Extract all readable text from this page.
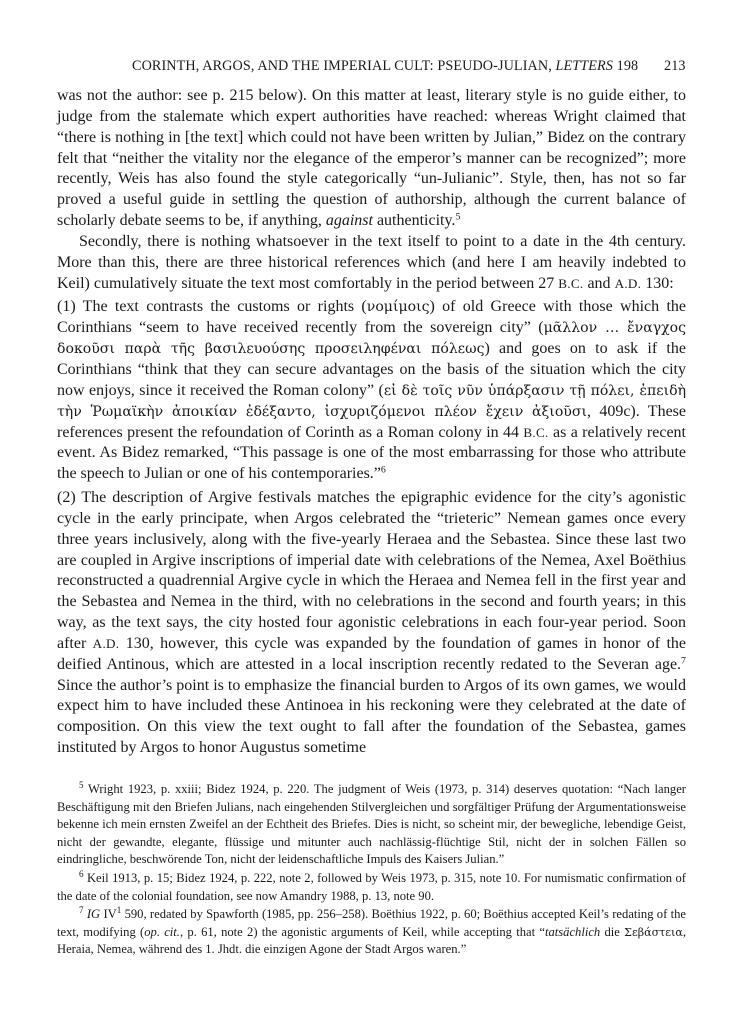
CORINTH, ARGOS, AND THE IMPERIAL CULT: PSEUDO-JULIAN, LETTERS 198 213

was not the author: see p. 215 below). On this matter at least, literary style is no guide either, to judge from the stalemate which expert authorities have reached: whereas Wright claimed that “there is nothing in [the text] which could not have been written by Julian,” Bidez on the contrary felt that “neither the vitality nor the elegance of the emperor’s manner can be recognized”; more recently, Weis has also found the style categorically “un-Julianic”. Style, then, has not so far proved a useful guide in settling the question of authorship, although the current balance of scholarly debate seems to be, if anything, against authenticity.$^5$

Secondly, there is nothing whatsoever in the text itself to point to a date in the 4th century. More than this, there are three historical references which (and here I am heavily indebted to Keil) cumulatively situate the text most comfortably in the period between 27 B.C. and A.D. 130:

(1) The text contrasts the customs or rights (νομίμοις) of old Greece with those which the Corinthians “seem to have received recently from the sovereign city” (μᾶλλον … ἔναγχος δοκοῦσι παρὰ τῆς βασιλευούσης προσειληφέναι πόλεως) and goes on to ask if the Corinthians “think that they can secure advantages on the basis of the situation which the city now enjoys, since it received the Roman colony” (εἰ δὲ τοῖς νῦν ὑπάρξασιν τῇ πόλει, ἐπειδὴ τὴν Ῥωμαϊκὴν ἀποικίαν ἐδέξαντο, ἰσχυριζόμενοι πλέον ἔχειν ἀξιοῦσι, 409c). These references present the refoundation of Corinth as a Roman colony in 44 B.C. as a relatively recent event. As Bidez remarked, “This passage is one of the most embarrassing for those who attribute the speech to Julian or one of his contemporaries.”$^6$

(2) The description of Argive festivals matches the epigraphic evidence for the city’s agonistic cycle in the early principate, when Argos celebrated the “trieteric” Nemean games once every three years inclusively, along with the five-yearly Heraea and the Sebastea. Since these last two are coupled in Argive inscriptions of imperial date with celebrations of the Nemea, Axel Boëthius reconstructed a quadrennial Argive cycle in which the Heraea and Nemea fell in the first year and the Sebastea and Nemea in the third, with no celebrations in the second and fourth years; in this way, as the text says, the city hosted four agonistic celebrations in each four-year period. Soon after A.D. 130, however, this cycle was expanded by the foundation of games in honor of the deified Antinous, which are attested in a local inscription recently redated to the Severan age.$^7$ Since the author’s point is to emphasize the financial burden to Argos of its own games, we would expect him to have included these Antinoea in his reckoning were they celebrated at the date of composition. On this view the text ought to fall after the foundation of the Sebastea, games instituted by Argos to honor Augustus sometime

$^5$ Wright 1923, p. xxiii; Bidez 1924, p. 220. The judgment of Weis (1973, p. 314) deserves quotation: “Nach langer Beschäftigung mit den Briefen Julians, nach eingehenden Stilvergleichen und sorgfältiger Prüfung der Argumentationsweise bekenne ich mein ernsten Zweifel an der Echtheit des Briefes. Dies is nicht, so scheint mir, der bewegliche, lebendige Geist, nicht der gewandte, elegante, flüssige und mitunter auch nachlässig-flüchtige Stil, nicht der in solchen Fällen so eindringliche, beschwörende Ton, nicht der leidenschaftliche Impuls des Kaisers Julian.”

$^6$ Keil 1913, p. 15; Bidez 1924, p. 222, note 2, followed by Weis 1973, p. 315, note 10. For numismatic confirmation of the date of the colonial foundation, see now Amandry 1988, p. 13, note 90.

$^7$ IG $IV^1$ 590, redated by Spawforth (1985, pp. 256–258). Boëthius 1922, p. 60; Boëthius accepted Keil’s redating of the text, modifying (op. cit., p. 61, note 2) the agonistic arguments of Keil, while accepting that “tatsächlich die Σεβάστεια, Heraia, Nemea, während des 1. Jhdt. die einzigen Agone der Stadt Argos waren.”
